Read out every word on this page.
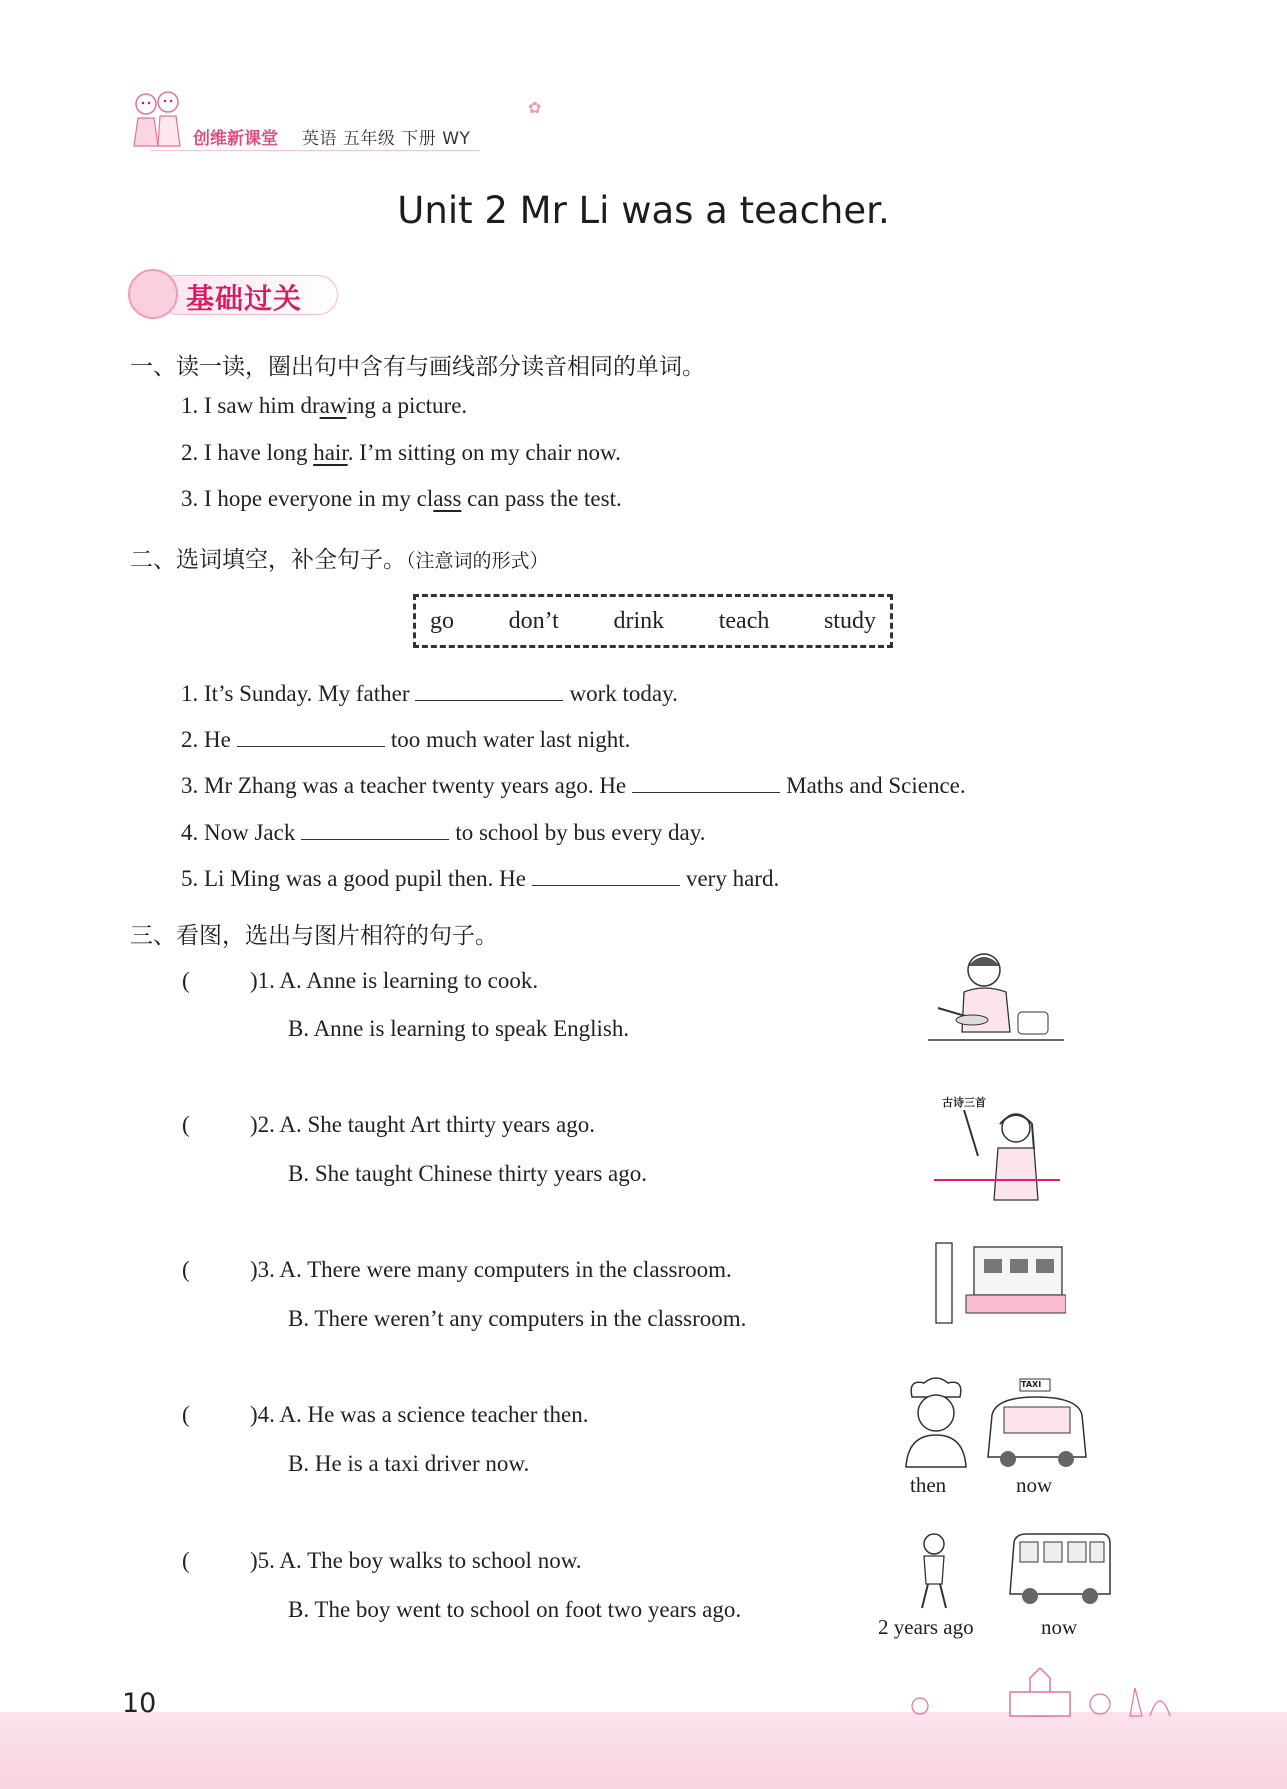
创维新课堂 英语 五年级 下册 WY
✿
Unit 2 Mr Li was a teacher.
基础过关
一、读一读，圈出句中含有与画线部分读音相同的单词。
1. I saw him drawing a picture.
2. I have long hair. I’m sitting on my chair now.
3. I hope everyone in my class can pass the test.
二、选词填空，补全句子。（注意词的形式）
go don’t drink teach study
1. It’s Sunday. My father	work today.
2. He	too much water last night.
3. Mr Zhang was a teacher twenty years ago. He	Maths and Science.
4. Now Jack	to school by bus every day.
5. Li Ming was a good pupil then. He	very hard.
三、看图，选出与图片相符的句子。
(	)1. A. Anne is learning to cook.
B. Anne is learning to speak English.
(	)2. A. She taught Art thirty years ago.
B. She taught Chinese thirty years ago.
古诗三首
(	)3. A. There were many computers in the classroom.
B. There weren’t any computers in the classroom.
(	)4. A. He was a science teacher then.
B. He is a taxi driver now.
TAXI
then	now
(	)5. A. The boy walks to school now.
B. The boy went to school on foot two years ago.
2 years ago	now
10
